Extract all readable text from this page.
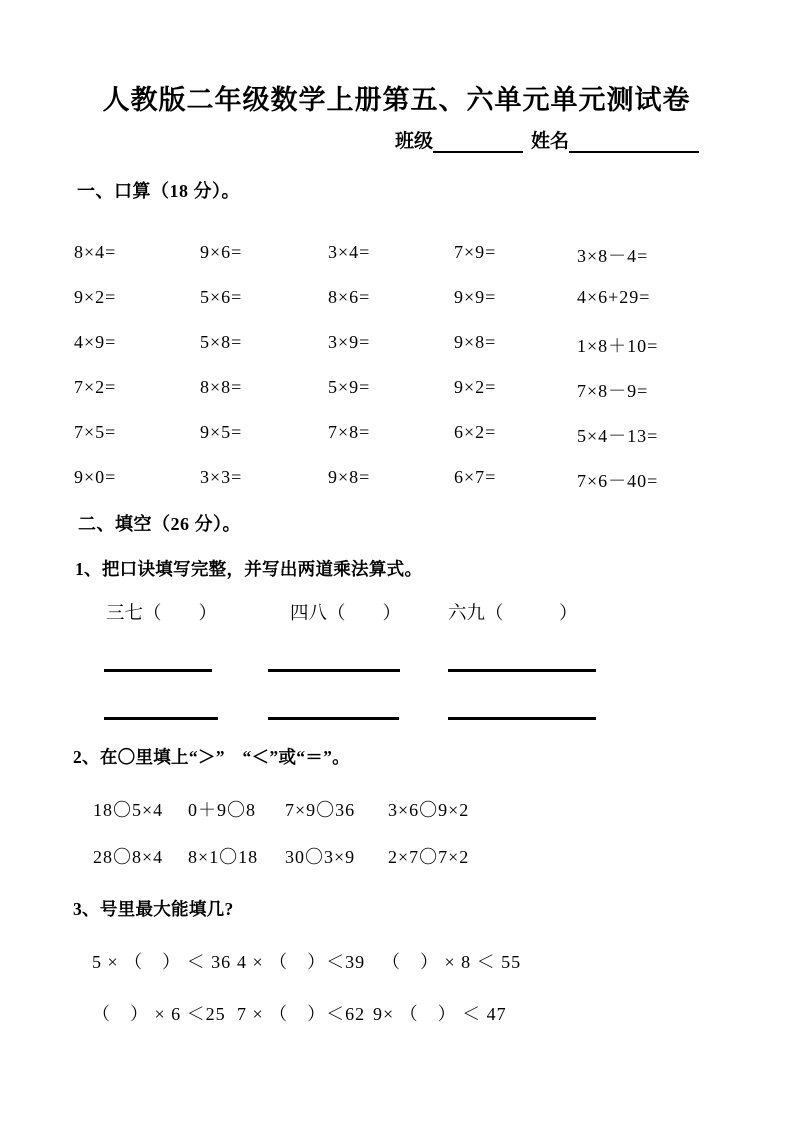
人教版二年级数学上册第五、六单元单元测试卷
班级	姓名
一、口算（18 分）。
8×4=	9×6=	3×4=	7×9=	3×8－4=
9×2=	5×6=	8×6=	9×9=	4×6+29=
4×9=	5×8=	3×9=	9×8=	1×8＋10=
7×2=	8×8=	5×9=	9×2=	7×8－9=
7×5=	9×5=	7×8=	6×2=	5×4－13=
9×0=	3×3=	9×8=	6×7=	7×6－40=
二、填空（26 分）。
1、把口诀填写完整，并写出两道乘法算式。
三七（　　）	四八（　　）	六九（　　　）
2、在〇里填上“＞”　“＜”或“＝”。
18〇5×4	0＋9〇8	7×9〇36	3×6〇9×2
28〇8×4	8×1〇18	30〇3×9	2×7〇7×2
3、号里最大能填几?
5 × （　） ＜ 36 4 × （　）＜39 （　） × 8 ＜ 55
（　） × 6 ＜25 7 × （　）＜62 9× （　） ＜ 47
